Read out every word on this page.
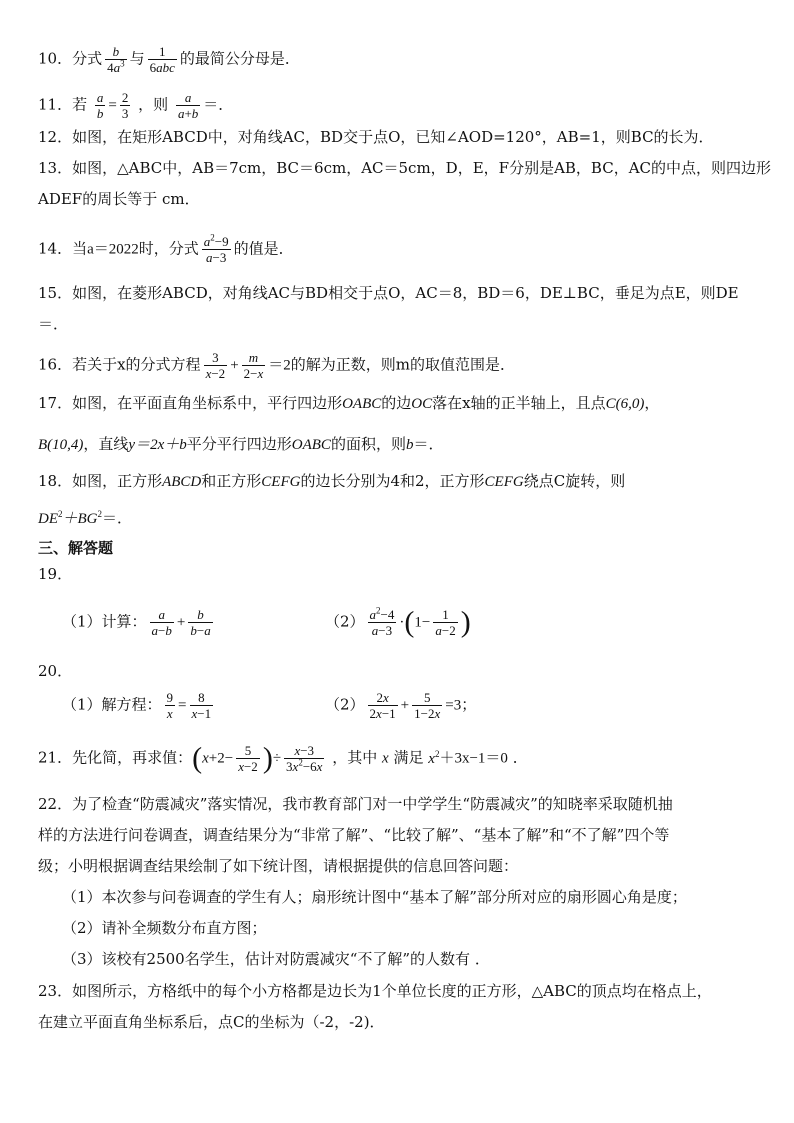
10．分式 $\frac{b}{4a^3}$ 与 $\frac{1}{\text{6abc}}$ 的最简公分母是．
11．若 $\frac{a}{b} = \frac{2}{3}$ ，则 $\frac{a}{a+b}$ ＝．
12．如图，在矩形ABCD中，对角线AC，BD交于点O，已知∠AOD=120°，AB=1，则BC的长为．
13．如图，△ABC中，AB＝7cm，BC＝6cm，AC＝5cm，D，E，F分别是AB，BC，AC的中点，则四边形
ADEF的周长等于 cm．
14．当a＝2022时，分式 $\frac{a^2-9}{a-3}$ 的值是．
15．如图，在菱形ABCD，对角线AC与BD相交于点O，AC＝8，BD＝6，DE⊥BC，垂足为点E，则DE
＝．
16．若关于x的分式方程 $\frac{3}{x-2} + \frac{m}{2-x} =2$的解为正数，则m的取值范围是．
17．如图，在平面直角坐标系中，平行四边形OABC的边OC落在x轴的正半轴上，且点C(6,0)，
B(10,4)，直线y＝2x＋b平分平行四边形OABC的面积，则b＝．
18．如图，正方形ABCD和正方形CEFG的边长分别为4和2，正方形CEFG绕点C旋转，则
$DE^2+BG^2=$．
三、解答题
19．
（1）计算： $\frac{a}{a-b} + \frac{b}{b-a}$	$(2) \frac{a^2-4}{a-3} \cdot(1- \frac{1}{a-2}$ )
20．
（1）解方程： $\frac{9}{x} = \frac{8}{x-1}$	$(2) \frac{2x}{2x-1} + \frac{5}{1-2x} =3$；
21．先化简，再求值：($x+2- \frac{5}{x-2}$ )÷ $\frac{x-3}{3x^2-6x}$ ，其中 x 满足 $x^2+3x-1=0$ ．
22．为了检查“防震减灾”落实情况，我市教育部门对一中学学生“防震减灾”的知晓率采取随机抽
样的方法进行问卷调查，调查结果分为“非常了解”、“比较了解”、“基本了解”和“不了解”四个等
级；小明根据调查结果绘制了如下统计图，请根据提供的信息回答问题：
（1）本次参与问卷调查的学生有人；扇形统计图中“基本了解”部分所对应的扇形圆心角是度；
（2）请补全频数分布直方图；
（3）该校有2500名学生，估计对防震减灾“不了解”的人数有 ．
23．如图所示，方格纸中的每个小方格都是边长为1个单位长度的正方形，△ABC的顶点均在格点上，
在建立平面直角坐标系后，点C的坐标为（-2，-2)．
